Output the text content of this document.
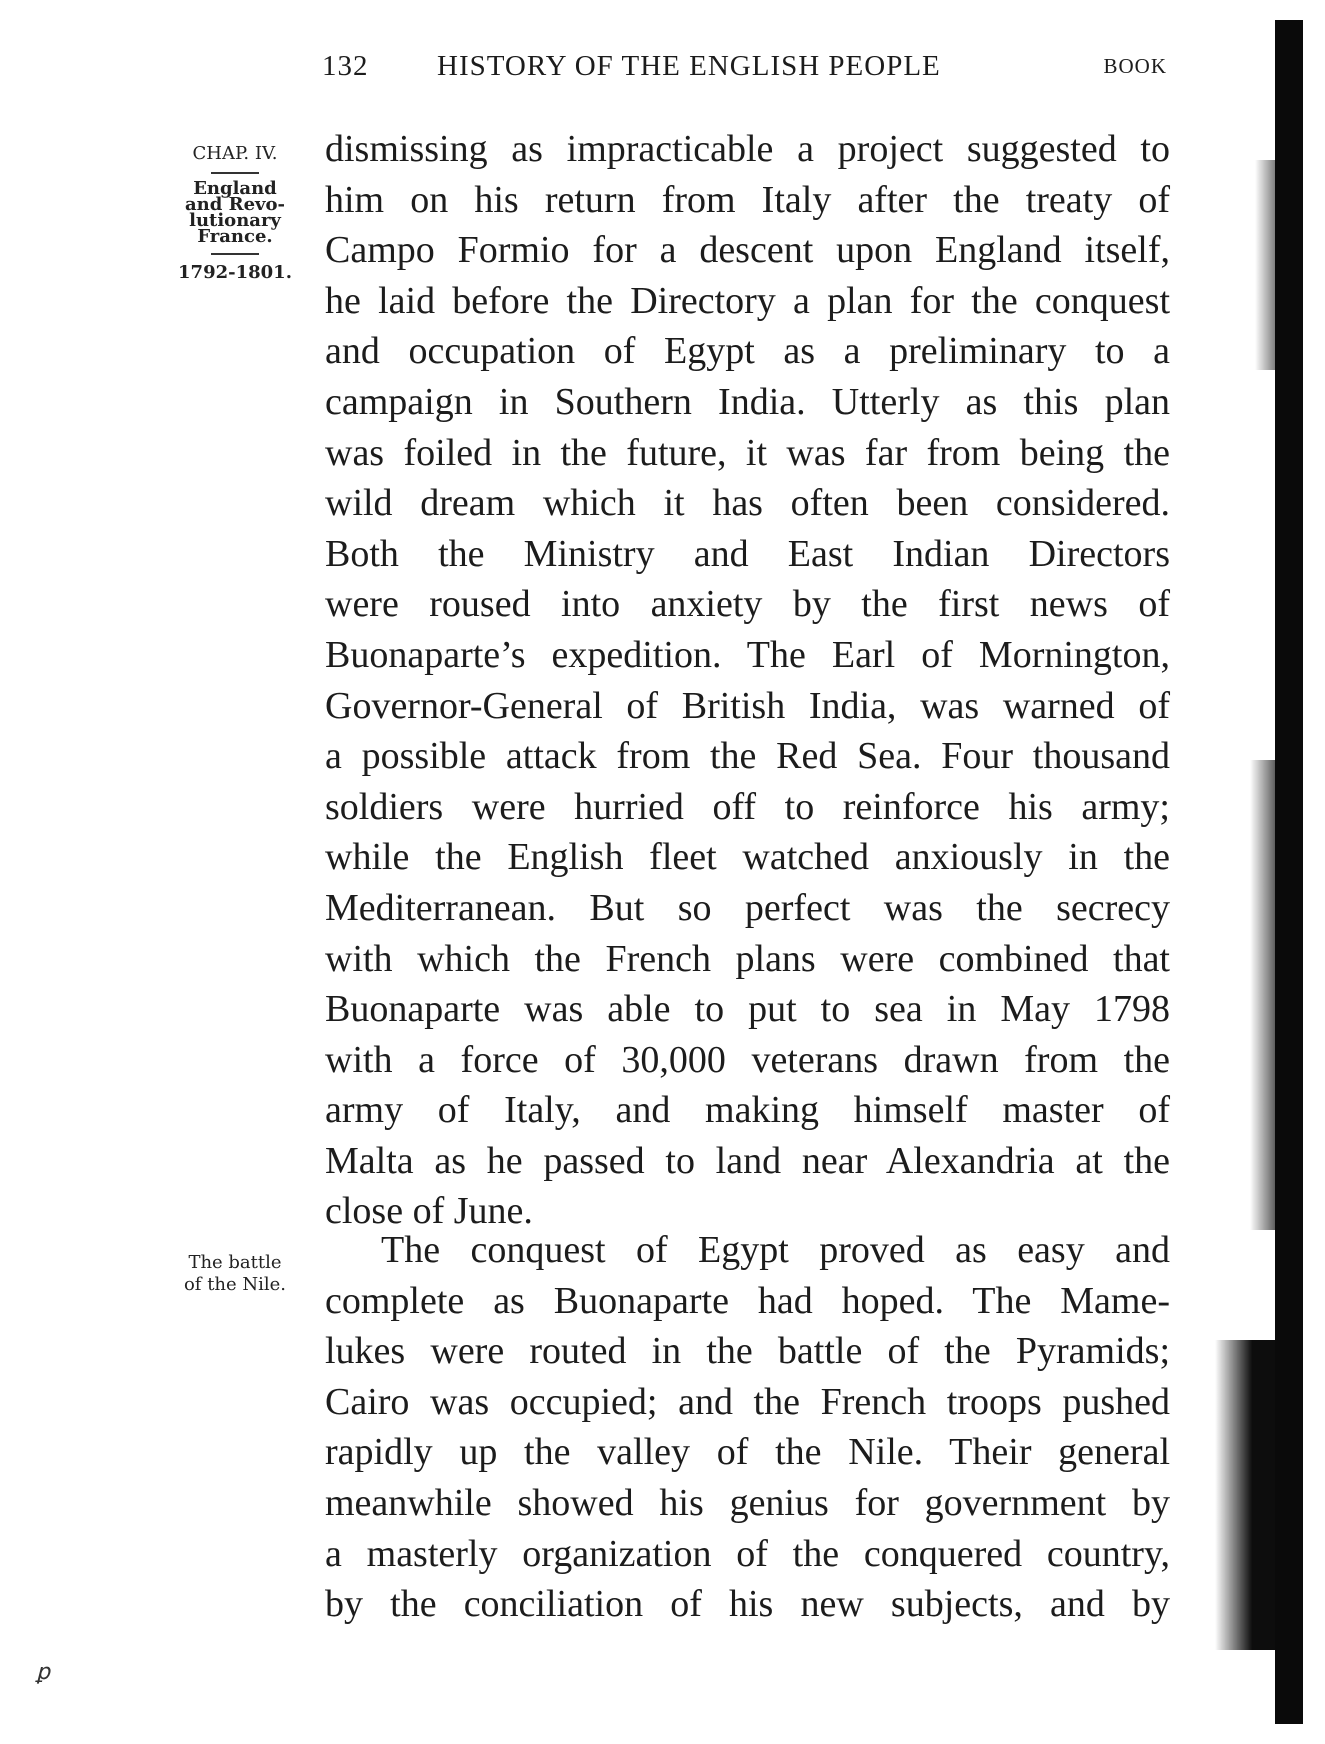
132 HISTORY OF THE ENGLISH PEOPLE	BOOK
CHAP. IV.
England
and Revo-
lutionary
France.
1792-1801.
The battle
of the Nile.
dismissing as impracticable a project suggested to
him on his return from Italy after the treaty of
Campo Formio for a descent upon England itself,
he laid before the Directory a plan for the conquest
and occupation of Egypt as a preliminary to a
campaign in Southern India. Utterly as this plan
was foiled in the future, it was far from being the
wild dream which it has often been considered.
Both the Ministry and East Indian Directors
were roused into anxiety by the first news of
Buonaparte’s expedition. The Earl of Mornington,
Governor-General of British India, was warned of
a possible attack from the Red Sea. Four thousand
soldiers were hurried off to reinforce his army;
while the English fleet watched anxiously in the
Mediterranean. But so perfect was the secrecy
with which the French plans were combined that
Buonaparte was able to put to sea in May 1798
with a force of 30,000 veterans drawn from the
army of Italy, and making himself master of
Malta as he passed to land near Alexandria at the
close of June.
The conquest of Egypt proved as easy and
complete as Buonaparte had hoped. The Mame-
lukes were routed in the battle of the Pyramids;
Cairo was occupied; and the French troops pushed
rapidly up the valley of the Nile. Their general
meanwhile showed his genius for government by
a masterly organization of the conquered country,
by the conciliation of his new subjects, and by
ꝑ
